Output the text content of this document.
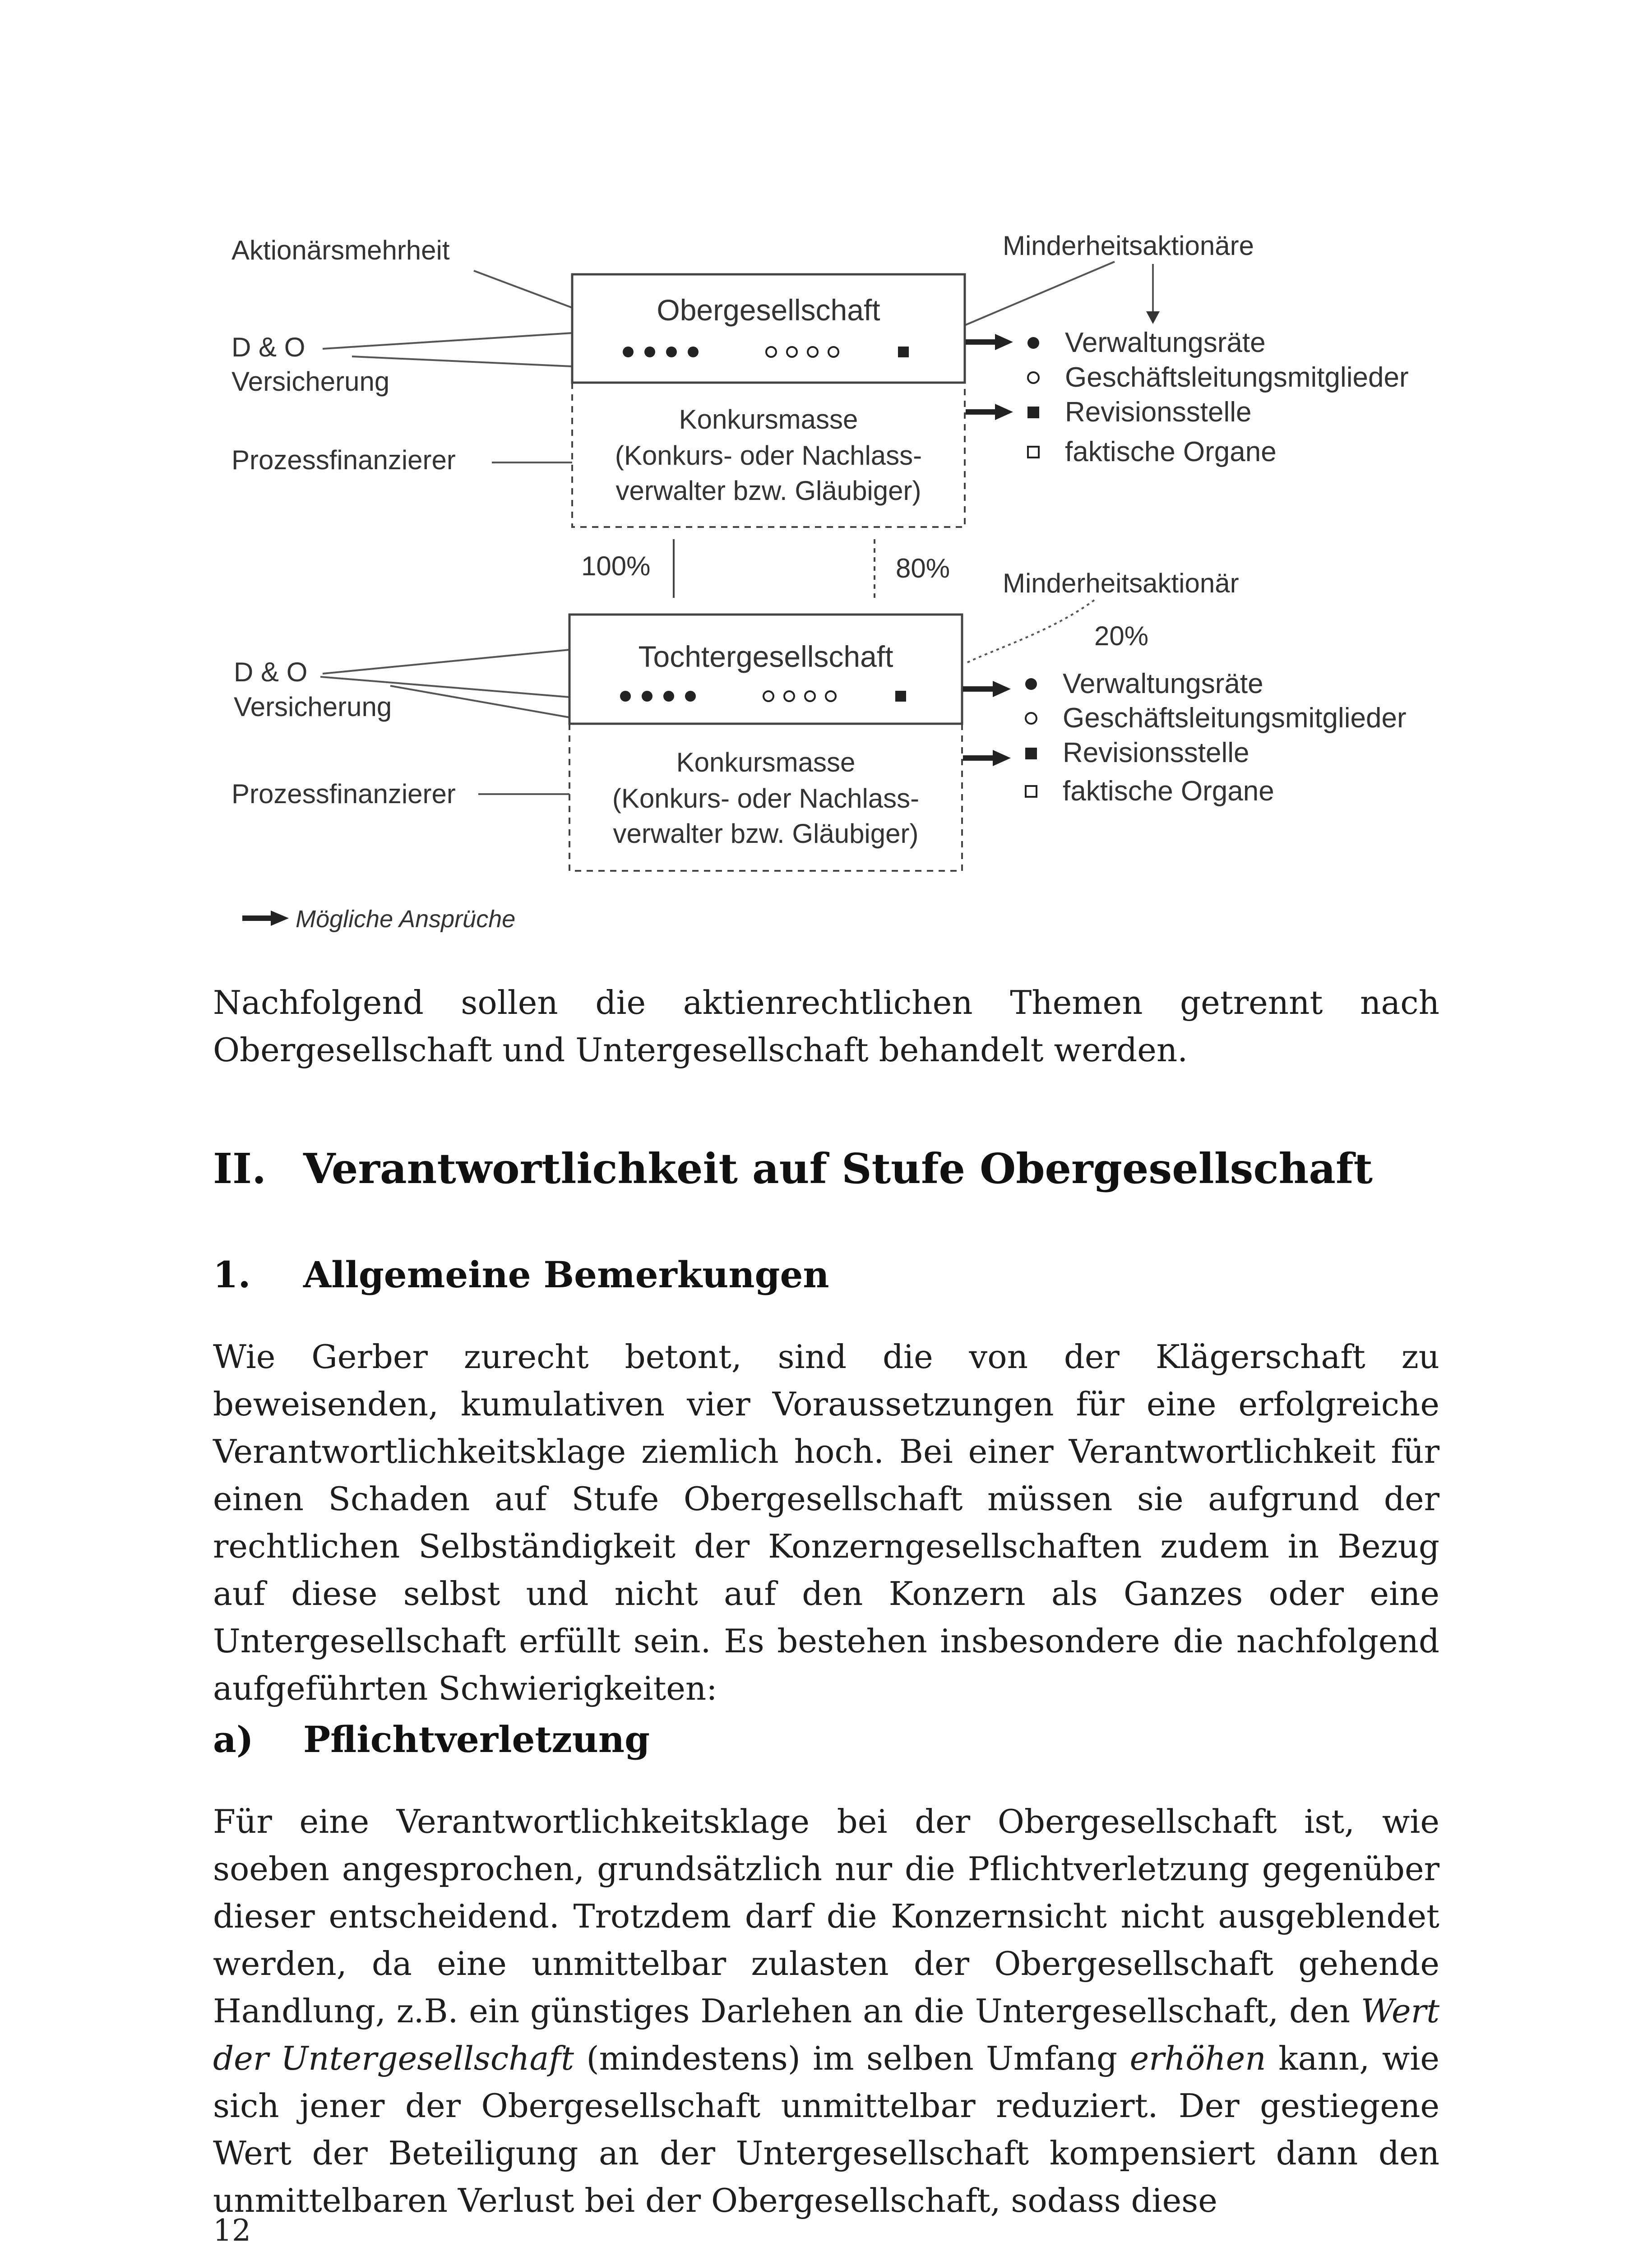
Aktionärsmehrheit
D & O
Versicherung
Prozessfinanzierer
Minderheitsaktionäre
Obergesellschaft
Konkursmasse
(Konkurs- oder Nachlass-
verwalter bzw. Gläubiger)
Verwaltungsräte
Geschäftsleitungsmitglieder
Revisionsstelle
faktische Organe
100%	80% Minderheitsaktionär
20%
D & O
Versicherung
Prozessfinanzierer
Tochtergesellschaft
Konkursmasse
(Konkurs- oder Nachlass-
verwalter bzw. Gläubiger)
Verwaltungsräte
Geschäftsleitungsmitglieder
Revisionsstelle
faktische Organe
Mögliche Ansprüche

Nachfolgend sollen die aktienrechtlichen Themen getrennt nach Obergesellschaft und Untergesellschaft behandelt werden.

II. Verantwortlichkeit auf Stufe Obergesellschaft
1. Allgemeine Bemerkungen

Wie Gerber zurecht betont, sind die von der Klägerschaft zu beweisenden, kumulativen vier Voraussetzungen für eine erfolgreiche Verantwortlichkeitsklage ziemlich hoch. Bei einer Verantwortlichkeit für einen Schaden auf Stufe Obergesellschaft müssen sie aufgrund der rechtlichen Selbständigkeit der Konzerngesellschaften zudem in Bezug auf diese selbst und nicht auf den Konzern als Ganzes oder eine Untergesellschaft erfüllt sein. Es bestehen insbesondere die nachfolgend aufgeführten Schwierigkeiten:

a) Pflichtverletzung

Für eine Verantwortlichkeitsklage bei der Obergesellschaft ist, wie soeben angesprochen, grundsätzlich nur die Pflichtverletzung gegenüber dieser entscheidend. Trotzdem darf die Konzernsicht nicht ausgeblendet werden, da eine unmittelbar zulasten der Obergesellschaft gehende Handlung, z.B. ein günstiges Darlehen an die Untergesellschaft, den Wert der Untergesellschaft (mindestens) im selben Umfang erhöhen kann, wie sich jener der Obergesellschaft unmittelbar reduziert. Der gestiegene Wert der Beteiligung an der Untergesellschaft kompensiert dann den unmittelbaren Verlust bei der Obergesellschaft, sodass diese

12
